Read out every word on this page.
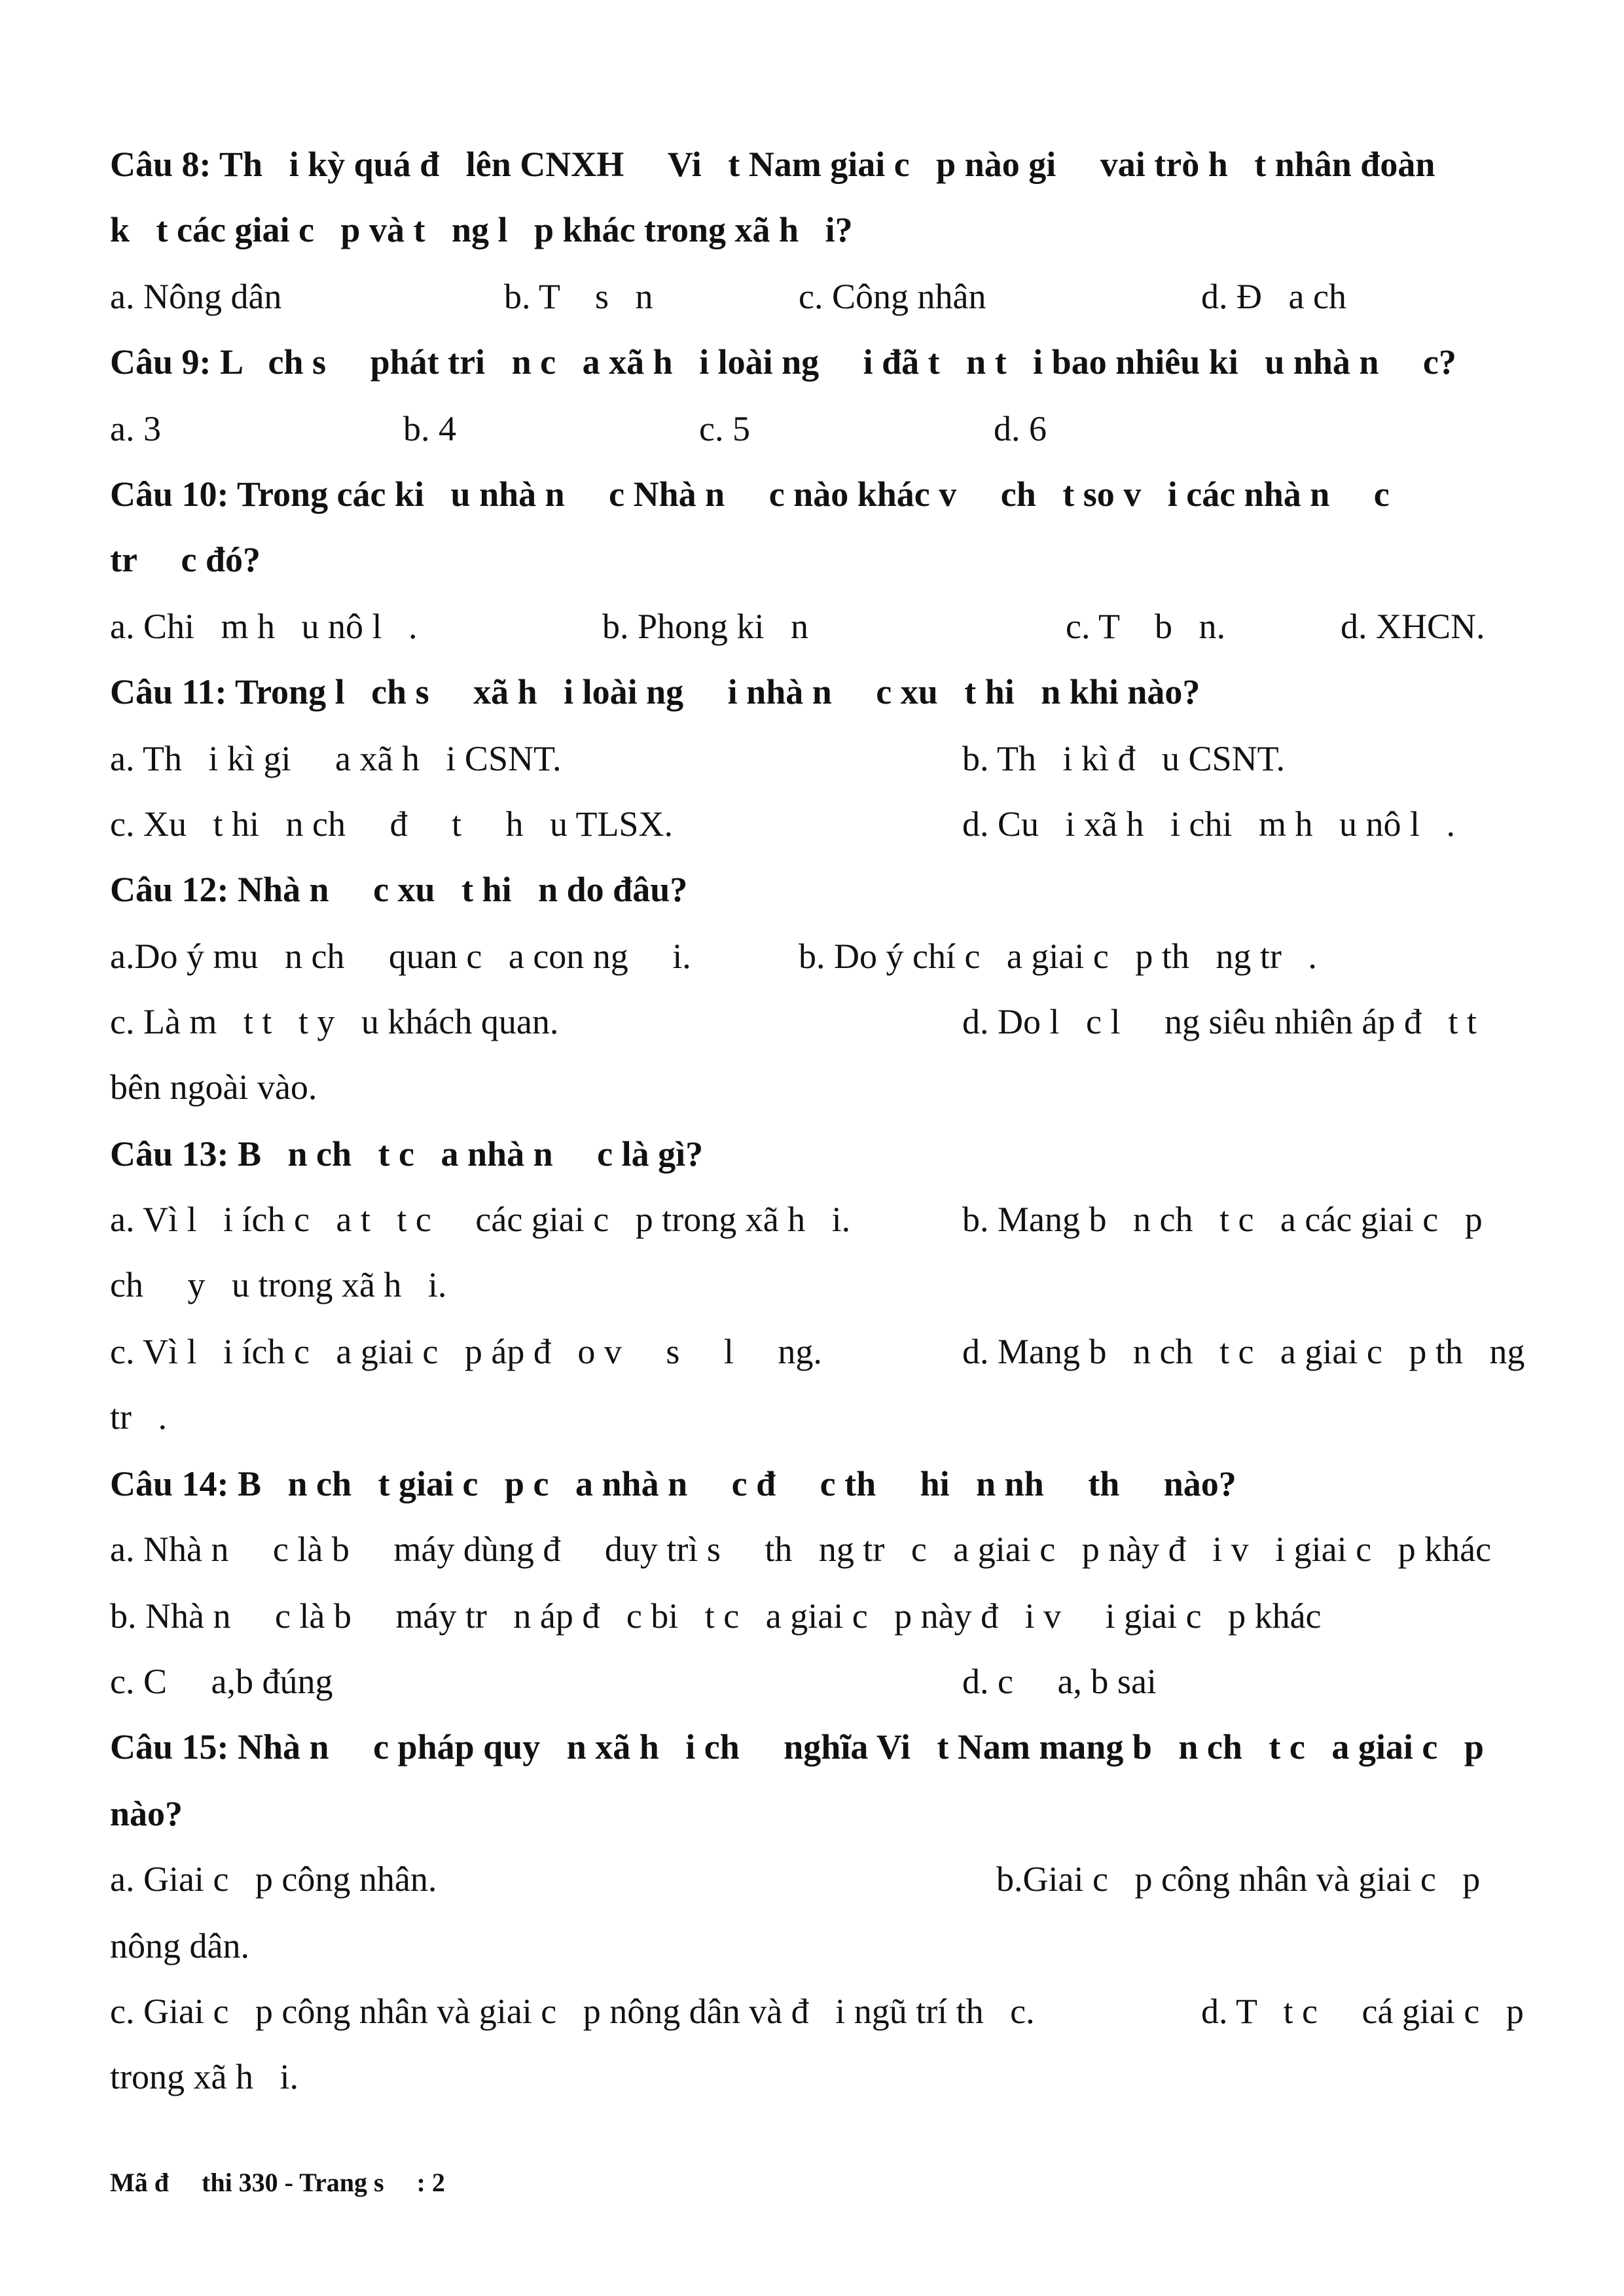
Câu 8: Th   i kỳ quá đ   lên CNXH     Vi   t Nam giai c   p nào gi     vai trò h   t nhân đoàn
k   t các giai c   p và t   ng l   p khác trong xã h   i?
a. Nông dân	b. T    s   n	c. Công nhân	d. Đ   a ch
Câu 9: L   ch s     phát tri   n c   a xã h   i loài ng     i đã t   n t   i bao nhiêu ki   u nhà n     c?
a. 3	b. 4	c. 5	d. 6
Câu 10: Trong các ki   u nhà n     c Nhà n     c nào khác v     ch   t so v   i các nhà n     c
tr     c đó?
a. Chi   m h   u nô l   .	b. Phong ki   n	c. T    b   n.	d. XHCN.
Câu 11: Trong l   ch s     xã h   i loài ng     i nhà n     c xu   t hi   n khi nào?
a. Th   i kì gi     a xã h   i CSNT.	b. Th   i kì đ   u CSNT.
c. Xu   t hi   n ch     đ     t     h   u TLSX.	d. Cu   i xã h   i chi   m h   u nô l   .
Câu 12: Nhà n     c xu   t hi   n do đâu?
a.Do ý mu   n ch     quan c   a con ng     i.	b. Do ý chí c   a giai c   p th   ng tr   .
c. Là m   t t   t y   u khách quan.	d. Do l   c l     ng siêu nhiên áp đ   t t
bên ngoài vào.
Câu 13: B   n ch   t c   a nhà n     c là gì?
a. Vì l   i ích c   a t   t c     các giai c   p trong xã h   i.	b. Mang b   n ch   t c   a các giai c   p
ch     y   u trong xã h   i.
c. Vì l   i ích c   a giai c   p áp đ   o v     s     l     ng.	d. Mang b   n ch   t c   a giai c   p th   ng
tr   .
Câu 14: B   n ch   t giai c   p c   a nhà n     c đ     c th     hi   n nh     th     nào?
a. Nhà n     c là b     máy dùng đ     duy trì s     th   ng tr   c   a giai c   p này đ   i v   i giai c   p khác
b. Nhà n     c là b     máy tr   n áp đ   c bi   t c   a giai c   p này đ   i v     i giai c   p khác
c. C     a,b đúng	d. c     a, b sai
Câu 15: Nhà n     c pháp quy   n xã h   i ch     nghĩa Vi   t Nam mang b   n ch   t c   a giai c   p
nào?
a. Giai c   p công nhân.	b.Giai c   p công nhân và giai c   p
nông dân.
c. Giai c   p công nhân và giai c   p nông dân và đ   i ngũ trí th   c.	d. T   t c     cá giai c   p
trong xã h   i.
Mã đ     thi 330 - Trang s     : 2
